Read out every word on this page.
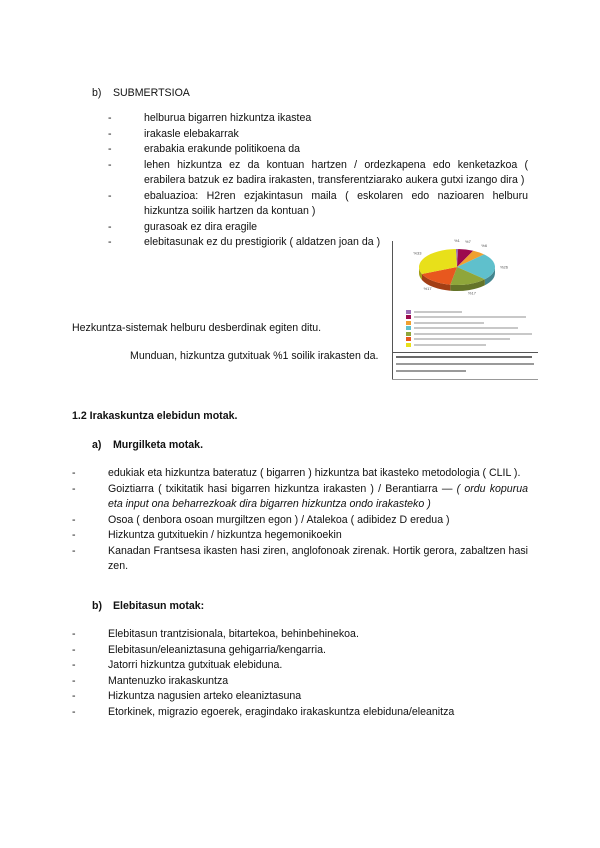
b) SUBMERTSIOA
-	helburua bigarren hizkuntza ikastea
-	irakasle elebakarrak
-	erabakia erakunde politikoena da
-	lehen hizkuntza ez da kontuan hartzen / ordezkapena edo kenketazkoa ( erabilera batzuk ez badira irakasten, transferentziarako aukera gutxi izango dira )
-	ebaluazioa: H2ren ezjakintasun maila ( eskolaren edo nazioaren helburu hizkuntza soilik hartzen da kontuan )
-	gurasoak ez dira eragile
-	elebitasunak ez du prestigiorik ( aldatzen joan da )
Hezkuntza-sistemak helburu desberdinak egiten ditu.
Munduan, hizkuntza gutxituak %1 soilik irakasten da.
%1 %7
%6
%26
%17
%17
%33
1.2 Irakaskuntza elebidun motak.
a) Murgilketa motak.
-	edukiak eta hizkuntza bateratuz ( bigarren ) hizkuntza bat ikasteko metodologia ( CLIL ).
-	Goiztiarra ( txikitatik hasi bigarren hizkuntza irakasten ) / Berantiarra — ( ordu kopurua eta input ona beharrezkoak dira bigarren hizkuntza ondo irakasteko )
-	Osoa ( denbora osoan murgiltzen egon ) / Atalekoa ( adibidez D eredua )
-	Hizkuntza gutxituekin / hizkuntza hegemonikoekin
-	Kanadan Frantsesa ikasten hasi ziren, anglofonoak zirenak. Hortik gerora, zabaltzen hasi zen.
b) Elebitasun motak:
-	Elebitasun trantzisionala, bitartekoa, behinbehinekoa.
-	Elebitasun/eleaniztasuna gehigarria/kengarria.
-	Jatorri hizkuntza gutxituak elebiduna.
-	Mantenuzko irakaskuntza
-	Hizkuntza nagusien arteko eleaniztasuna
-	Etorkinek, migrazio egoerek, eragindako irakaskuntza elebiduna/eleanitza
